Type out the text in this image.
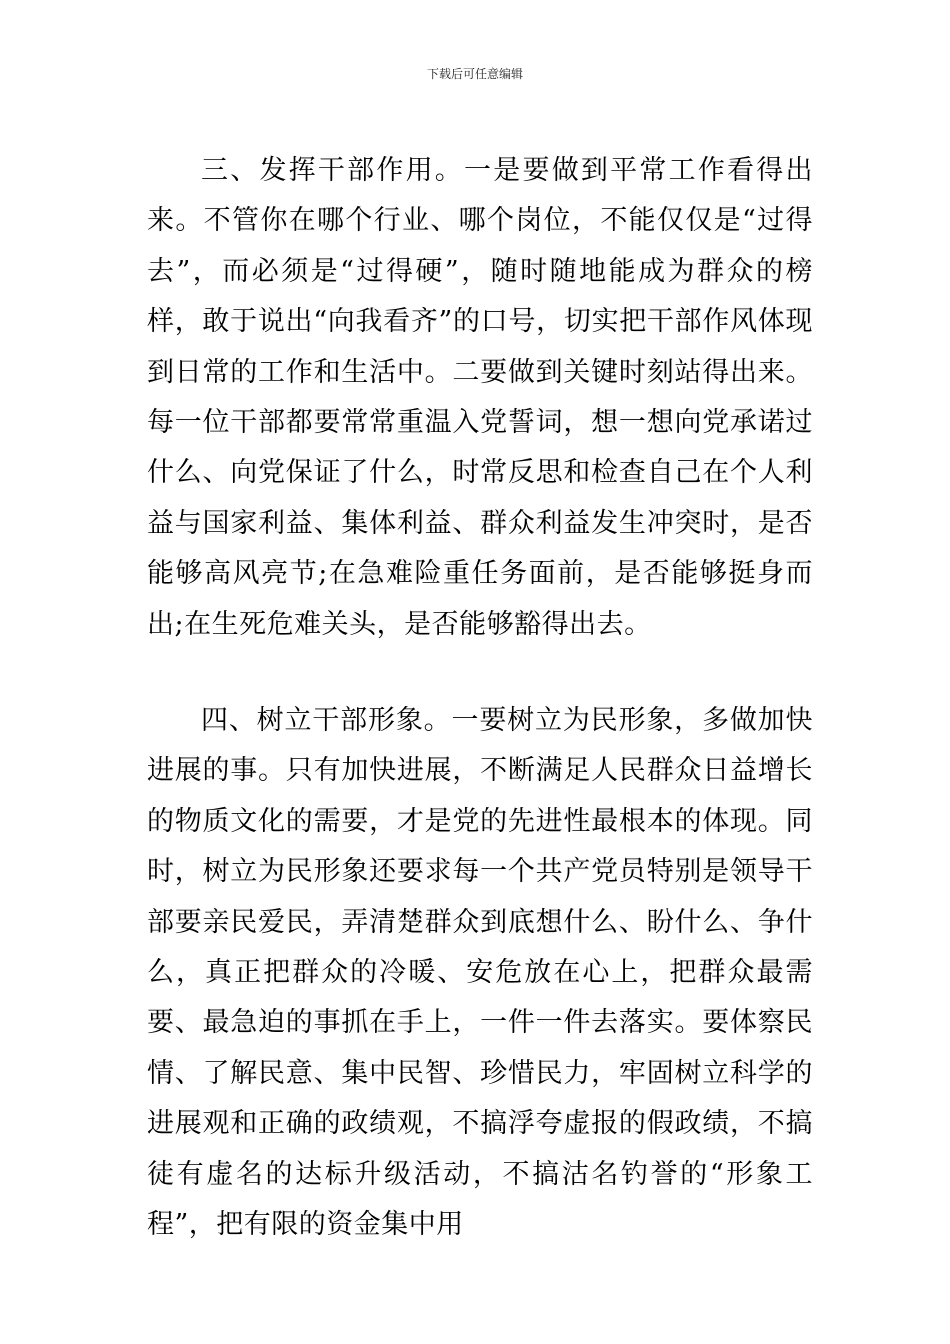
下载后可任意编辑

三、发挥干部作用。一是要做到平常工作看得出来。不管你在哪个行业、哪个岗位，不能仅仅是“过得去”，而必须是“过得硬”，随时随地能成为群众的榜样，敢于说出“向我看齐”的口号，切实把干部作风体现到日常的工作和生活中。二要做到关键时刻站得出来。每一位干部都要常常重温入党誓词，想一想向党承诺过什么、向党保证了什么，时常反思和检查自己在个人利益与国家利益、集体利益、群众利益发生冲突时，是否能够高风亮节;在急难险重任务面前，是否能够挺身而出;在生死危难关头，是否能够豁得出去。

四、树立干部形象。一要树立为民形象，多做加快进展的事。只有加快进展，不断满足人民群众日益增长的物质文化的需要，才是党的先进性最根本的体现。同时，树立为民形象还要求每一个共产党员特别是领导干部要亲民爱民，弄清楚群众到底想什么、盼什么、争什么，真正把群众的冷暖、安危放在心上，把群众最需要、最急迫的事抓在手上，一件一件去落实。要体察民情、了解民意、集中民智、珍惜民力，牢固树立科学的进展观和正确的政绩观，不搞浮夸虚报的假政绩，不搞徒有虚名的达标升级活动，不搞沽名钓誉的“形象工程”，把有限的资金集中用
